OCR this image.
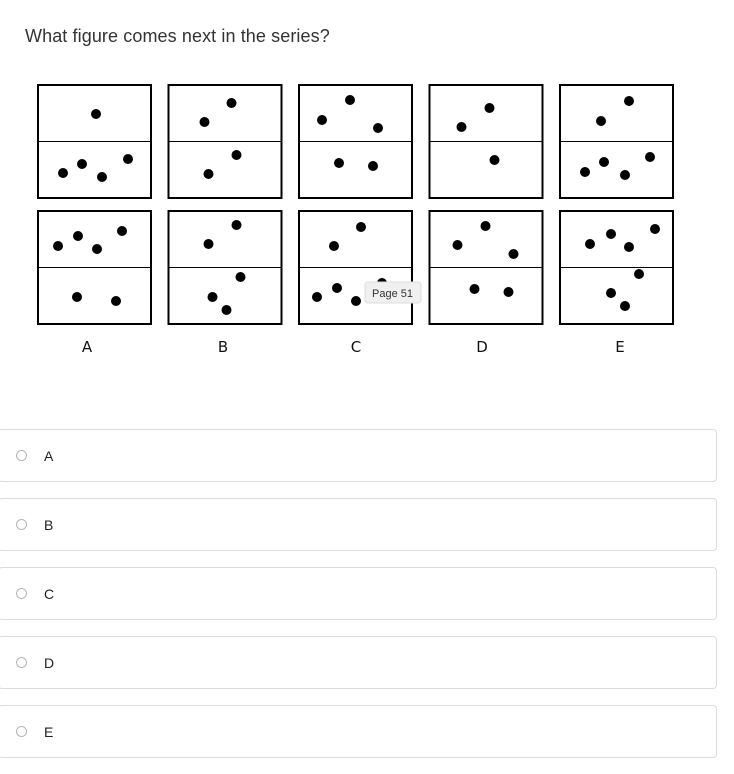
What figure comes next in the series?
A	B	C	D	E
Page 51
A
B
C
D
E
